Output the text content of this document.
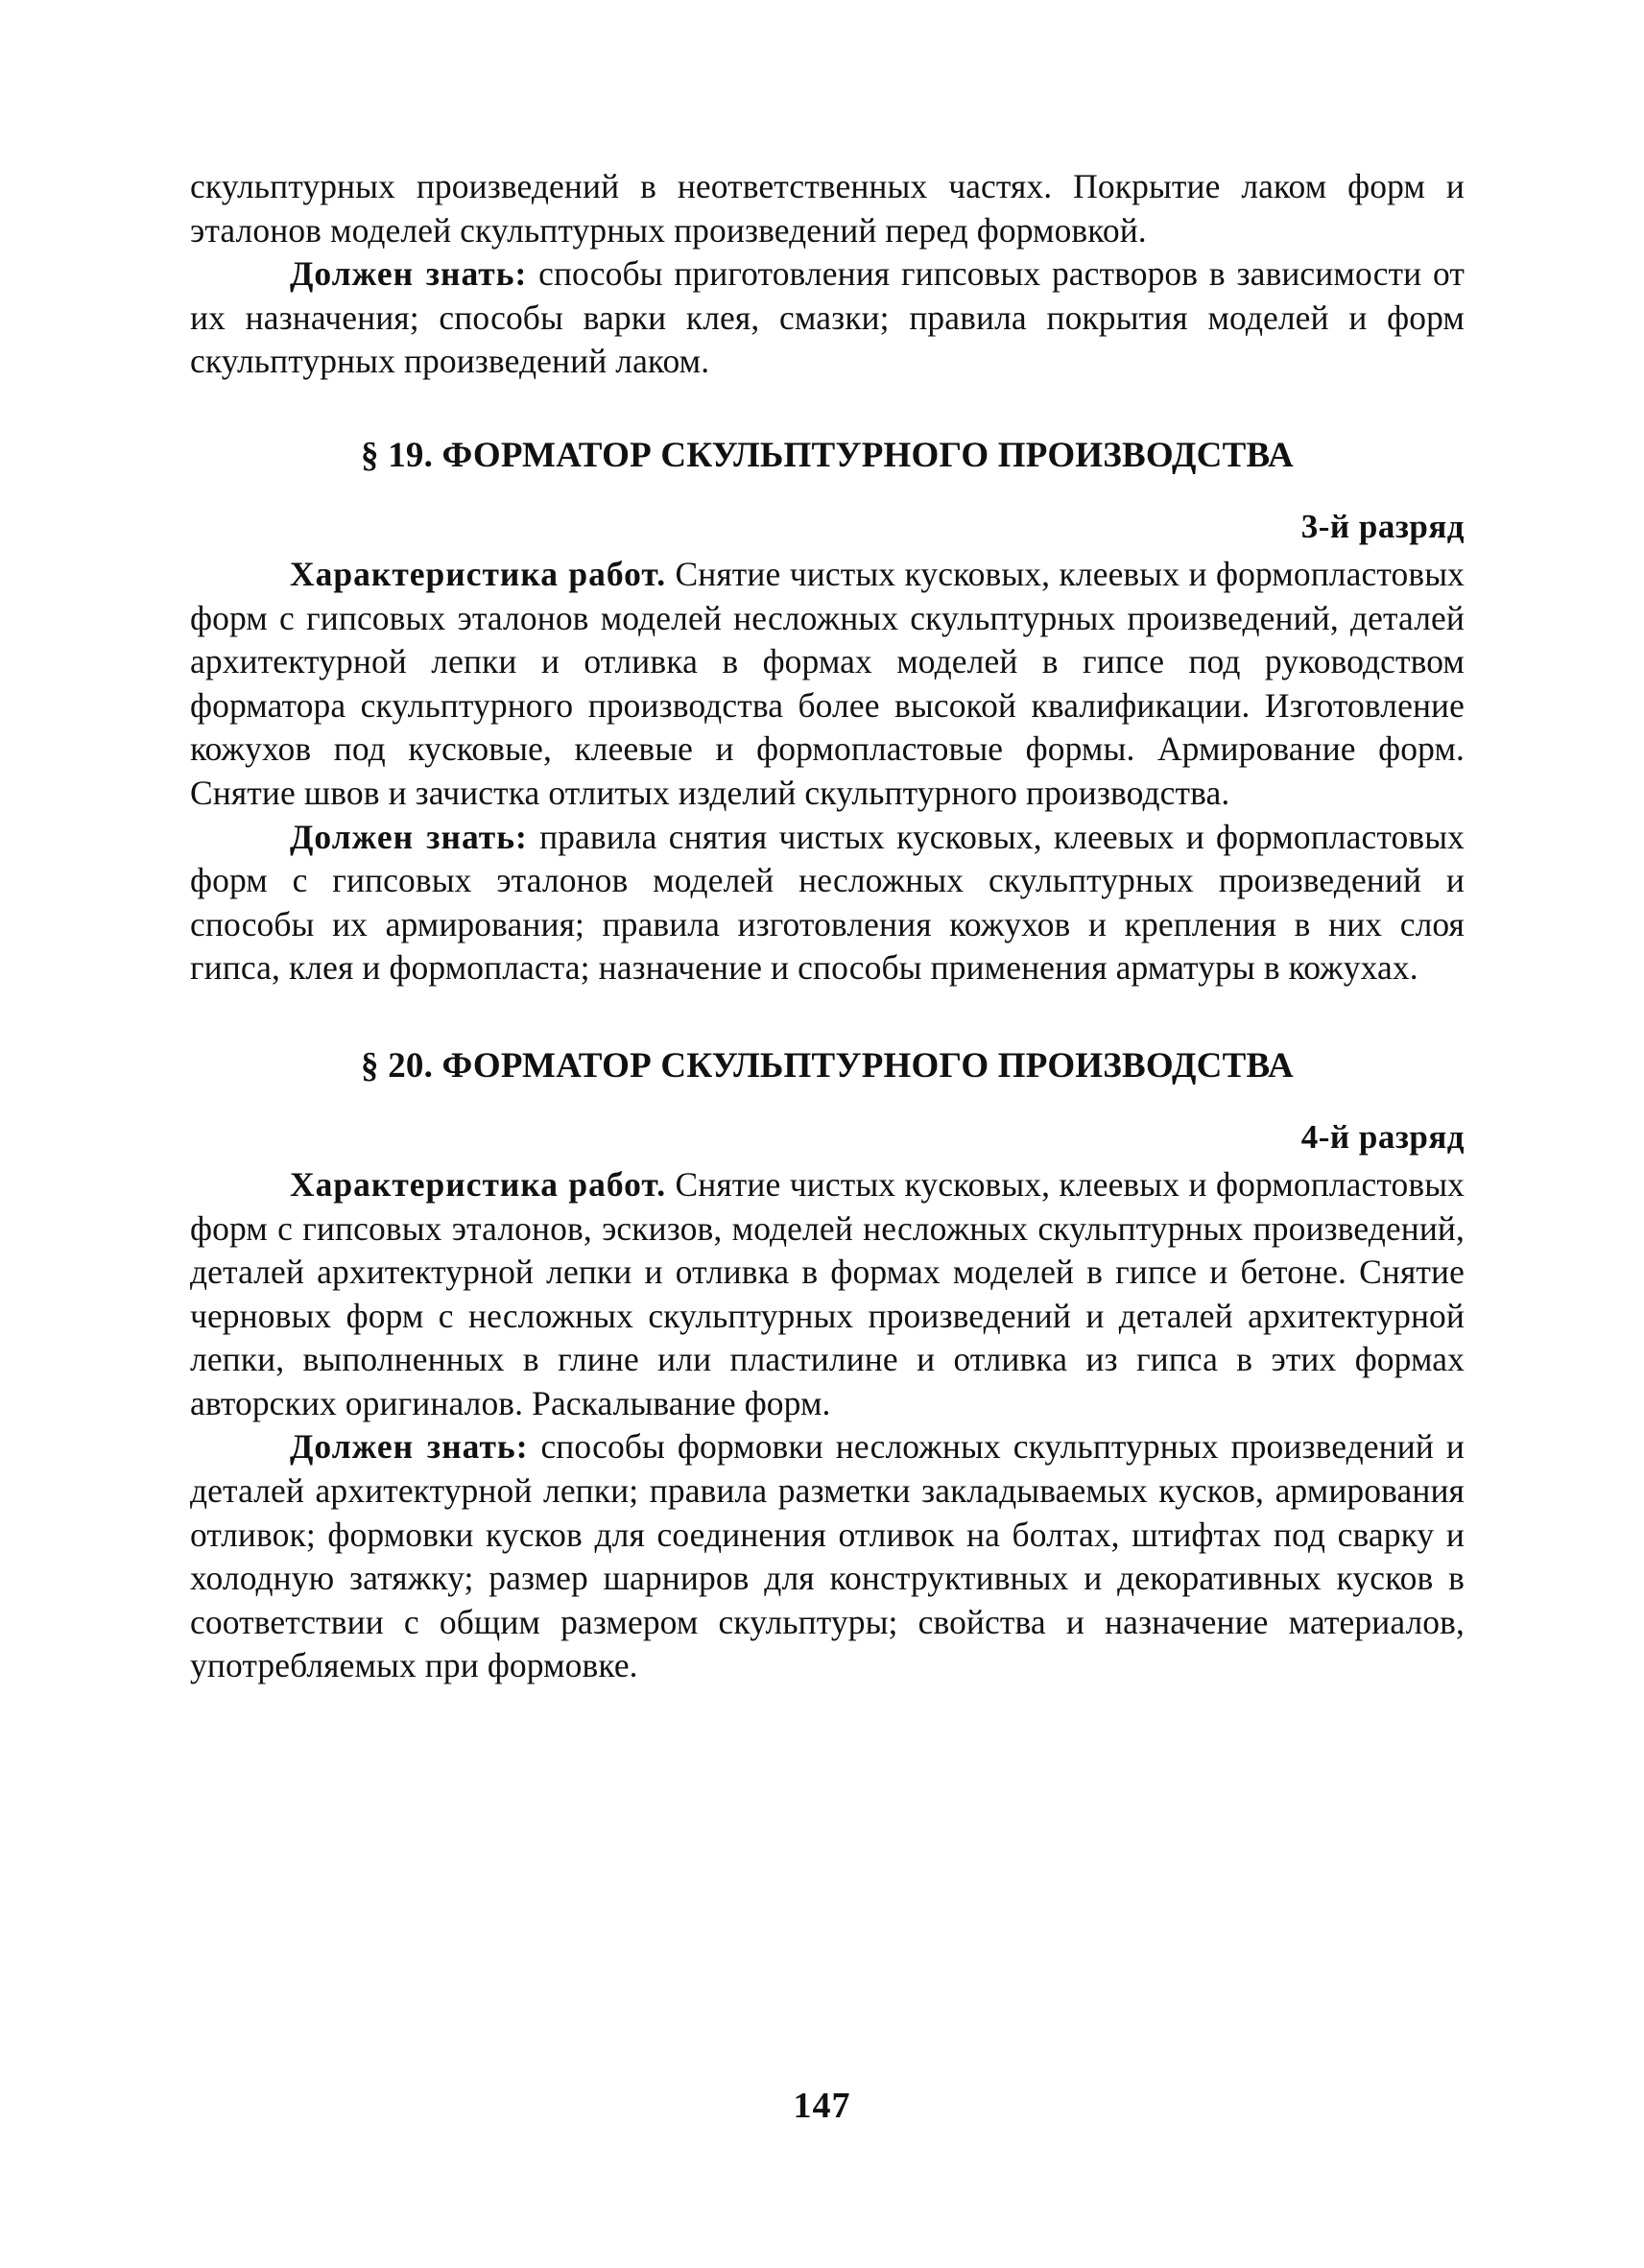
скульптурных произведений в неответственных частях. Покрытие лаком форм и эталонов моделей скульптурных произведений перед формовкой.

Должен знать: способы приготовления гипсовых растворов в зависимости от их назначения; способы варки клея, смазки; правила покрытия моделей и форм скульптурных произведений лаком.

§ 19. ФОРМАТОР СКУЛЬПТУРНОГО ПРОИЗВОДСТВА
3-й разряд

Характеристика работ. Снятие чистых кусковых, клеевых и формопластовых форм с гипсовых эталонов моделей несложных скульптурных произведений, деталей архитектурной лепки и отливка в формах моделей в гипсе под руководством форматора скульптурного производства более высокой квалификации. Изготовление кожухов под кусковые, клеевые и формопластовые формы. Армирование форм. Снятие швов и зачистка отлитых изделий скульптурного производства.

Должен знать: правила снятия чистых кусковых, клеевых и формопластовых форм с гипсовых эталонов моделей несложных скульптурных произведений и способы их армирования; правила изготовления кожухов и крепления в них слоя гипса, клея и формопласта; назначение и способы применения арматуры в кожухах.

§ 20. ФОРМАТОР СКУЛЬПТУРНОГО ПРОИЗВОДСТВА
4-й разряд

Характеристика работ. Снятие чистых кусковых, клеевых и формопластовых форм с гипсовых эталонов, эскизов, моделей несложных скульптурных произведений, деталей архитектурной лепки и отливка в формах моделей в гипсе и бетоне. Снятие черновых форм с несложных скульптурных произведений и деталей архитектурной лепки, выполненных в глине или пластилине и отливка из гипса в этих формах авторских оригиналов. Раскалывание форм.

Должен знать: способы формовки несложных скульптурных произведений и деталей архитектурной лепки; правила разметки закладываемых кусков, армирования отливок; формовки кусков для соединения отливок на болтах, штифтах под сварку и холодную затяжку; размер шарниров для конструктивных и декоративных кусков в соответствии с общим размером скульптуры; свойства и назначение материалов, употребляемых при формовке.

147
